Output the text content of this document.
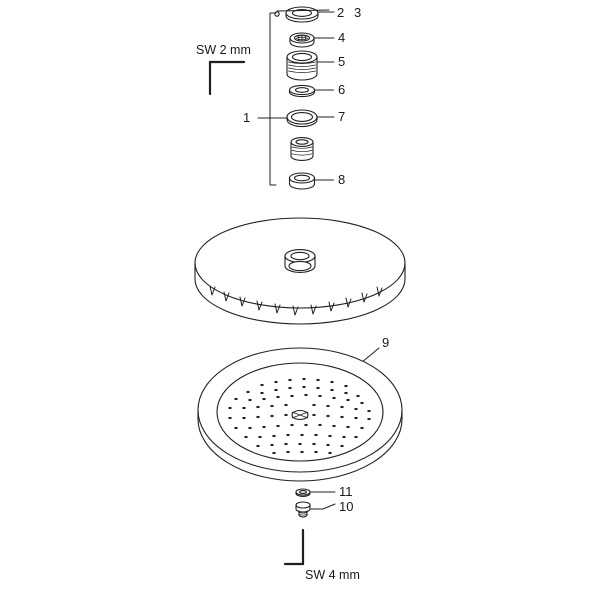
2 3
4
5
6
7
1
8
9
11
10
SW 2 mm
SW 4 mm
